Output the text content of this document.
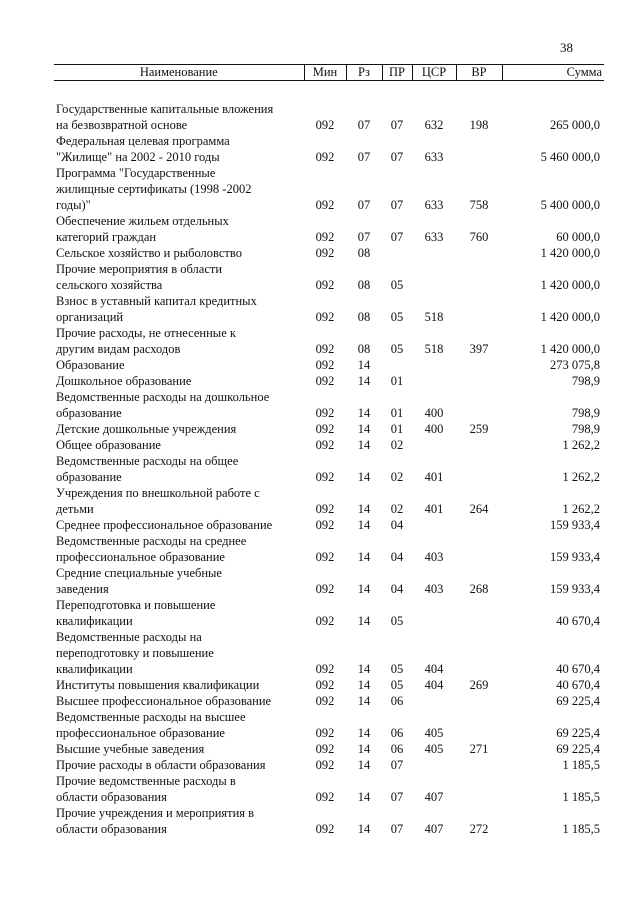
38
Наименование	Мин	Рз	ПР	ЦСР	ВР	Сумма

Государственные капитальные вложения
на безвозвратной основе	092	07	07	632	198	265 000,0

Федеральная целевая программа
"Жилище" на 2002 - 2010 годы	092	07	07	633		5 460 000,0

Программа "Государственные
жилищные сертификаты (1998 -2002
годы)"	092	07	07	633	758	5 400 000,0

Обеспечение жильем отдельных
категорий граждан	092	07	07	633	760	60 000,0

Сельское хозяйство и рыболовство	092	08				1 420 000,0

Прочие мероприятия в области
сельского хозяйства	092	08	05			1 420 000,0

Взнос в уставный капитал кредитных
организаций	092	08	05	518		1 420 000,0

Прочие расходы, не отнесенные к
другим видам расходов	092	08	05	518	397	1 420 000,0

Образование	092	14				273 075,8

Дошкольное образование	092	14	01			798,9

Ведомственные расходы на дошкольное
образование	092	14	01	400		798,9

Детские дошкольные учреждения	092	14	01	400	259	798,9

Общее образование	092	14	02			1 262,2

Ведомственные расходы на общее
образование	092	14	02	401		1 262,2

Учреждения по внешкольной работе с
детьми	092	14	02	401	264	1 262,2

Среднее профессиональное образование	092	14	04			159 933,4

Ведомственные расходы на среднее
профессиональное образование	092	14	04	403		159 933,4

Средние специальные учебные
заведения	092	14	04	403	268	159 933,4

Переподготовка и повышение
квалификации	092	14	05			40 670,4

Ведомственные расходы на
переподготовку и повышение
квалификации	092	14	05	404		40 670,4

Институты повышения квалификации	092	14	05	404	269	40 670,4

Высшее профессиональное образование	092	14	06			69 225,4

Ведомственные расходы на высшее
профессиональное образование	092	14	06	405		69 225,4

Высшие учебные заведения	092	14	06	405	271	69 225,4

Прочие расходы в области образования	092	14	07			1 185,5

Прочие ведомственные расходы в
области образования	092	14	07	407		1 185,5

Прочие учреждения и мероприятия в
области образования	092	14	07	407	272	1 185,5
